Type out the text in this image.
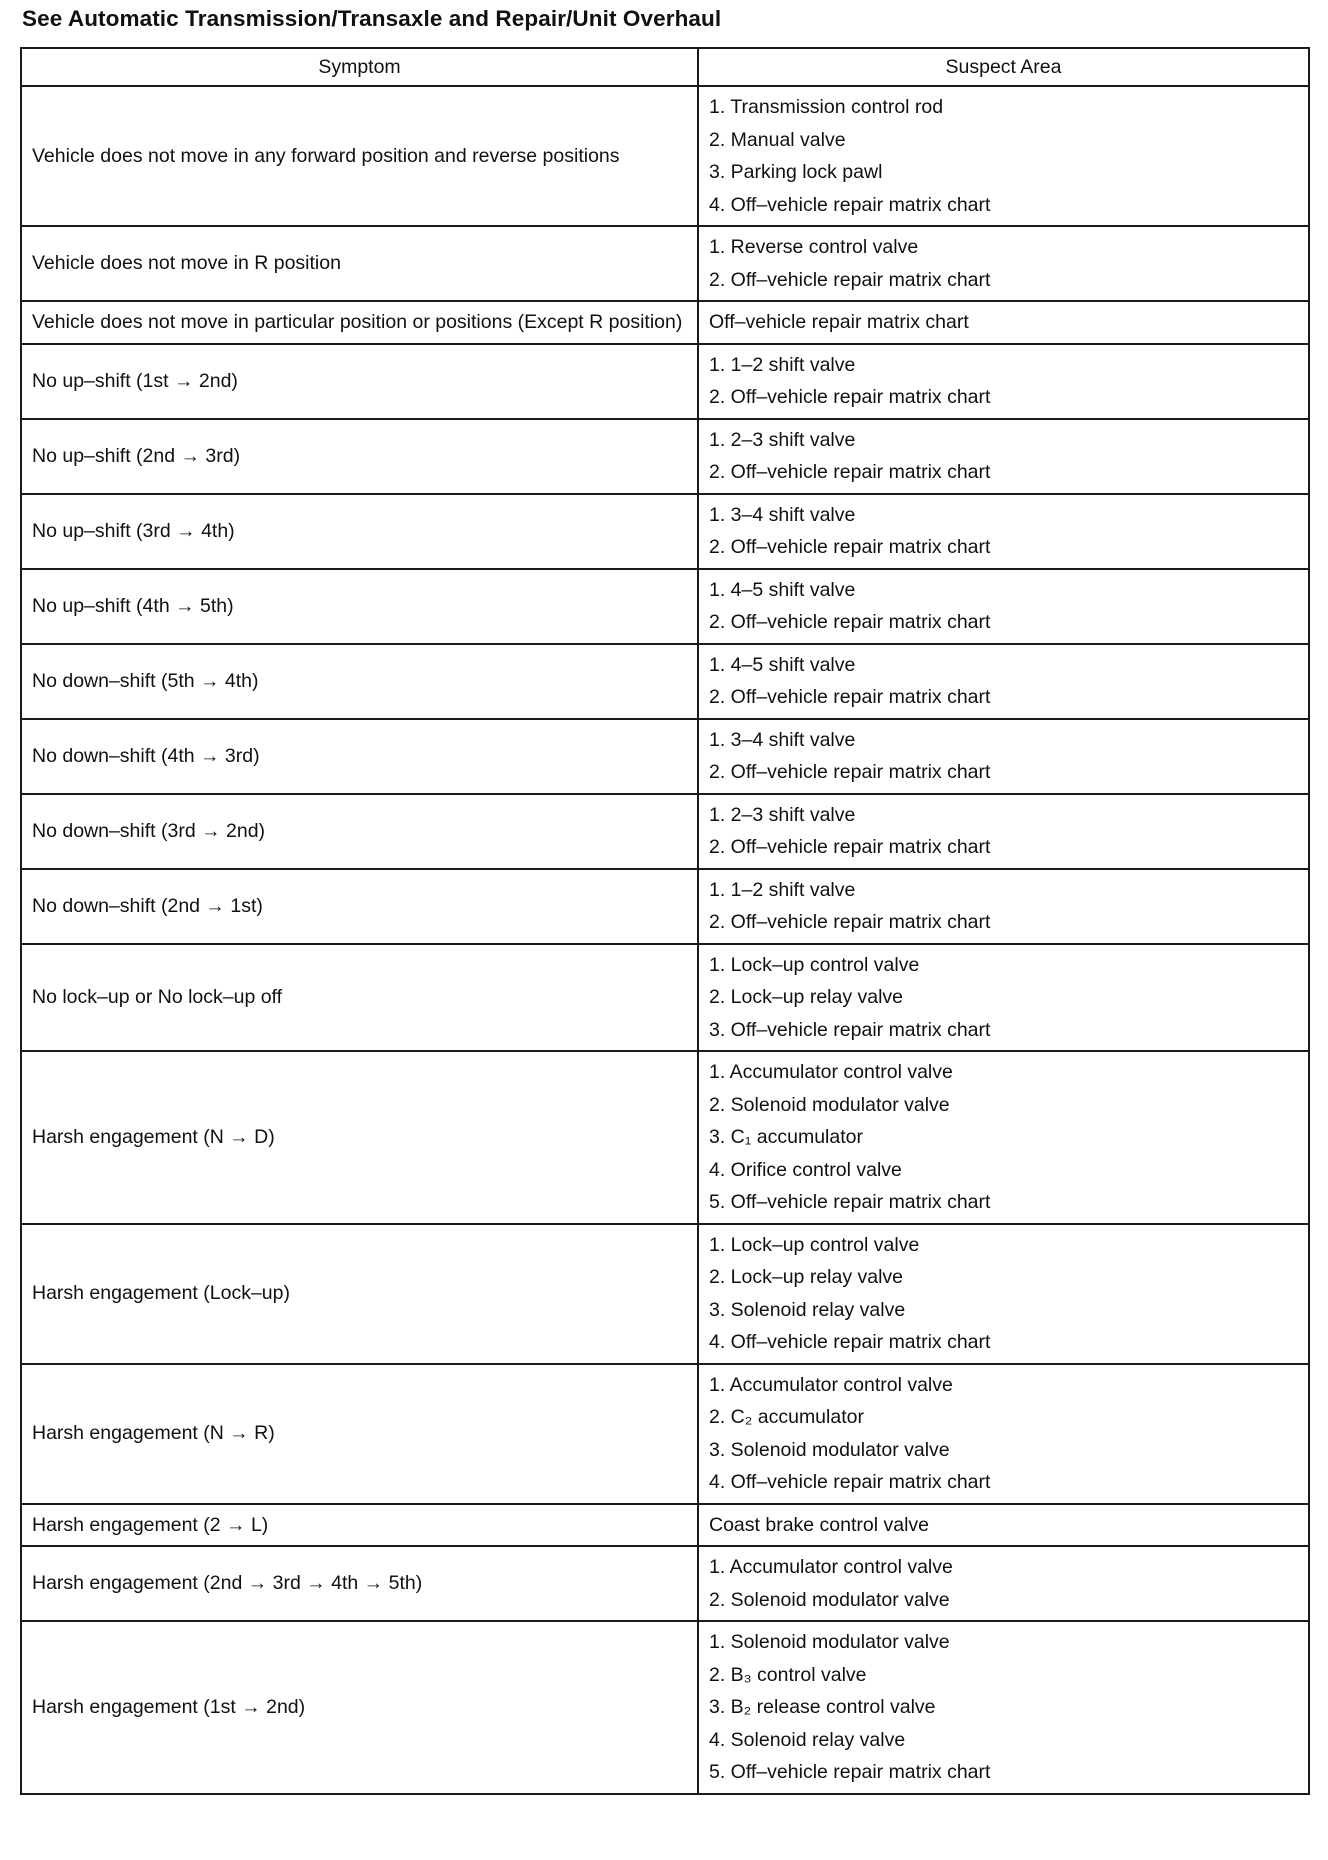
See Automatic Transmission/Transaxle and Repair/Unit Overhaul
Symptom	Suspect Area

Vehicle does not move in any forward position and reverse positions	1. Transmission control rod
2. Manual valve
3. Parking lock pawl
4. Off–vehicle repair matrix chart

Vehicle does not move in R position	1. Reverse control valve
2. Off–vehicle repair matrix chart

Vehicle does not move in particular position or positions (Except R position)	Off–vehicle repair matrix chart

No up–shift (1st → 2nd)	1. 1–2 shift valve
2. Off–vehicle repair matrix chart

No up–shift (2nd → 3rd)	1. 2–3 shift valve
2. Off–vehicle repair matrix chart

No up–shift (3rd → 4th)	1. 3–4 shift valve
2. Off–vehicle repair matrix chart

No up–shift (4th → 5th)	1. 4–5 shift valve
2. Off–vehicle repair matrix chart

No down–shift (5th → 4th)	1. 4–5 shift valve
2. Off–vehicle repair matrix chart

No down–shift (4th → 3rd)	1. 3–4 shift valve
2. Off–vehicle repair matrix chart

No down–shift (3rd → 2nd)	1. 2–3 shift valve
2. Off–vehicle repair matrix chart

No down–shift (2nd → 1st)	1. 1–2 shift valve
2. Off–vehicle repair matrix chart

No lock–up or No lock–up off	1. Lock–up control valve
2. Lock–up relay valve
3. Off–vehicle repair matrix chart

Harsh engagement (N → D)	1. Accumulator control valve
2. Solenoid modulator valve
3. C₁ accumulator
4. Orifice control valve
5. Off–vehicle repair matrix chart

Harsh engagement (Lock–up)	1. Lock–up control valve
2. Lock–up relay valve
3. Solenoid relay valve
4. Off–vehicle repair matrix chart

Harsh engagement (N → R)	1. Accumulator control valve
2. C₂ accumulator
3. Solenoid modulator valve
4. Off–vehicle repair matrix chart

Harsh engagement (2 → L)	Coast brake control valve

Harsh engagement (2nd → 3rd → 4th → 5th)	1. Accumulator control valve
2. Solenoid modulator valve

Harsh engagement (1st → 2nd)	1. Solenoid modulator valve
2. B₃ control valve
3. B₂ release control valve
4. Solenoid relay valve
5. Off–vehicle repair matrix chart
